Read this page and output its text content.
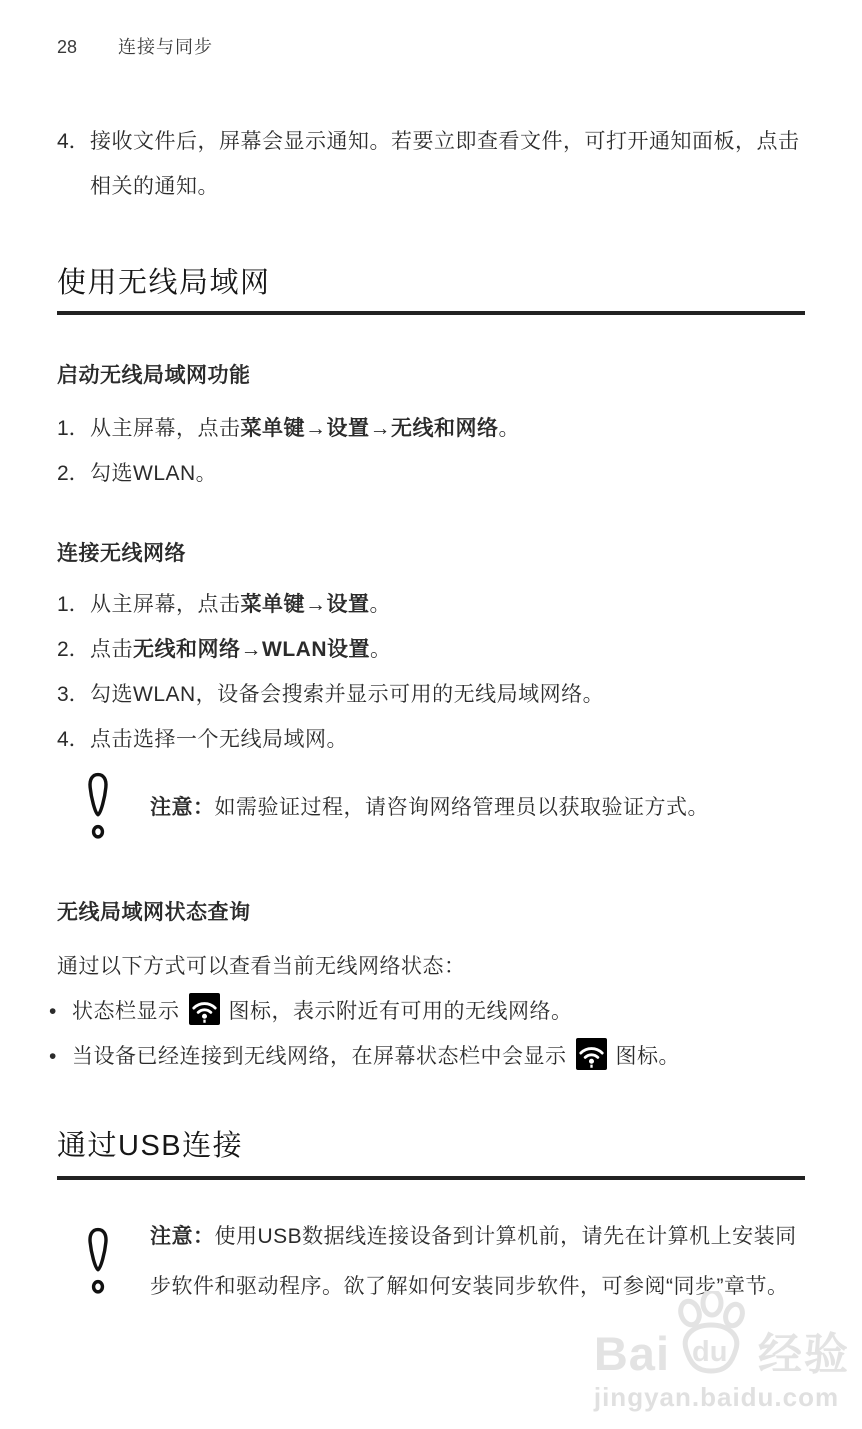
28 连接与同步
4． 接收文件后，屏幕会显示通知。若要立即查看文件，可打开通知面板，点击相关的通知。
使用无线局域网
启动无线局域网功能
1． 从主屏幕，点击菜单键→设置→无线和网络。
2． 勾选WLAN。
连接无线网络
1． 从主屏幕，点击菜单键→设置。
2． 点击无线和网络→WLAN设置。
3． 勾选WLAN，设备会搜索并显示可用的无线局域网络。
4． 点击选择一个无线局域网。
注意：如需验证过程，请咨询网络管理员以获取验证方式。
无线局域网状态查询

通过以下方式可以查看当前无线网络状态：

• 状态栏显示 图标，表示附近有可用的无线网络。
• 当设备已经连接到无线网络，在屏幕状态栏中会显示 图标。
通过USB连接
注意：使用USB数据线连接设备到计算机前，请先在计算机上安装同步软件和驱动程序。欲了解如何安装同步软件，可参阅“同步”章节。
Bai du 经验
jingyan.baidu.com
